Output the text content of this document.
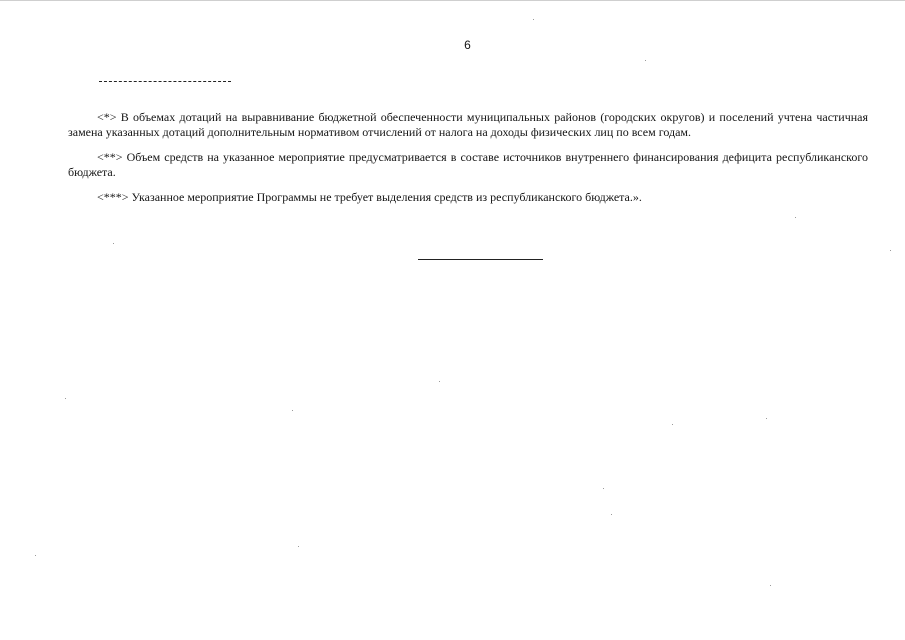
6

<*> В объемах дотаций на выравнивание бюджетной обеспеченности муниципальных районов (городских округов) и поселений учтена частичная замена указанных дотаций дополнительным нормативом отчислений от налога на доходы физических лиц по всем годам.

<**> Объем средств на указанное мероприятие предусматривается в составе источников внутреннего финансирования дефицита республиканского бюджета.

<***> Указанное мероприятие Программы не требует выделения средств из республиканского бюджета.».
